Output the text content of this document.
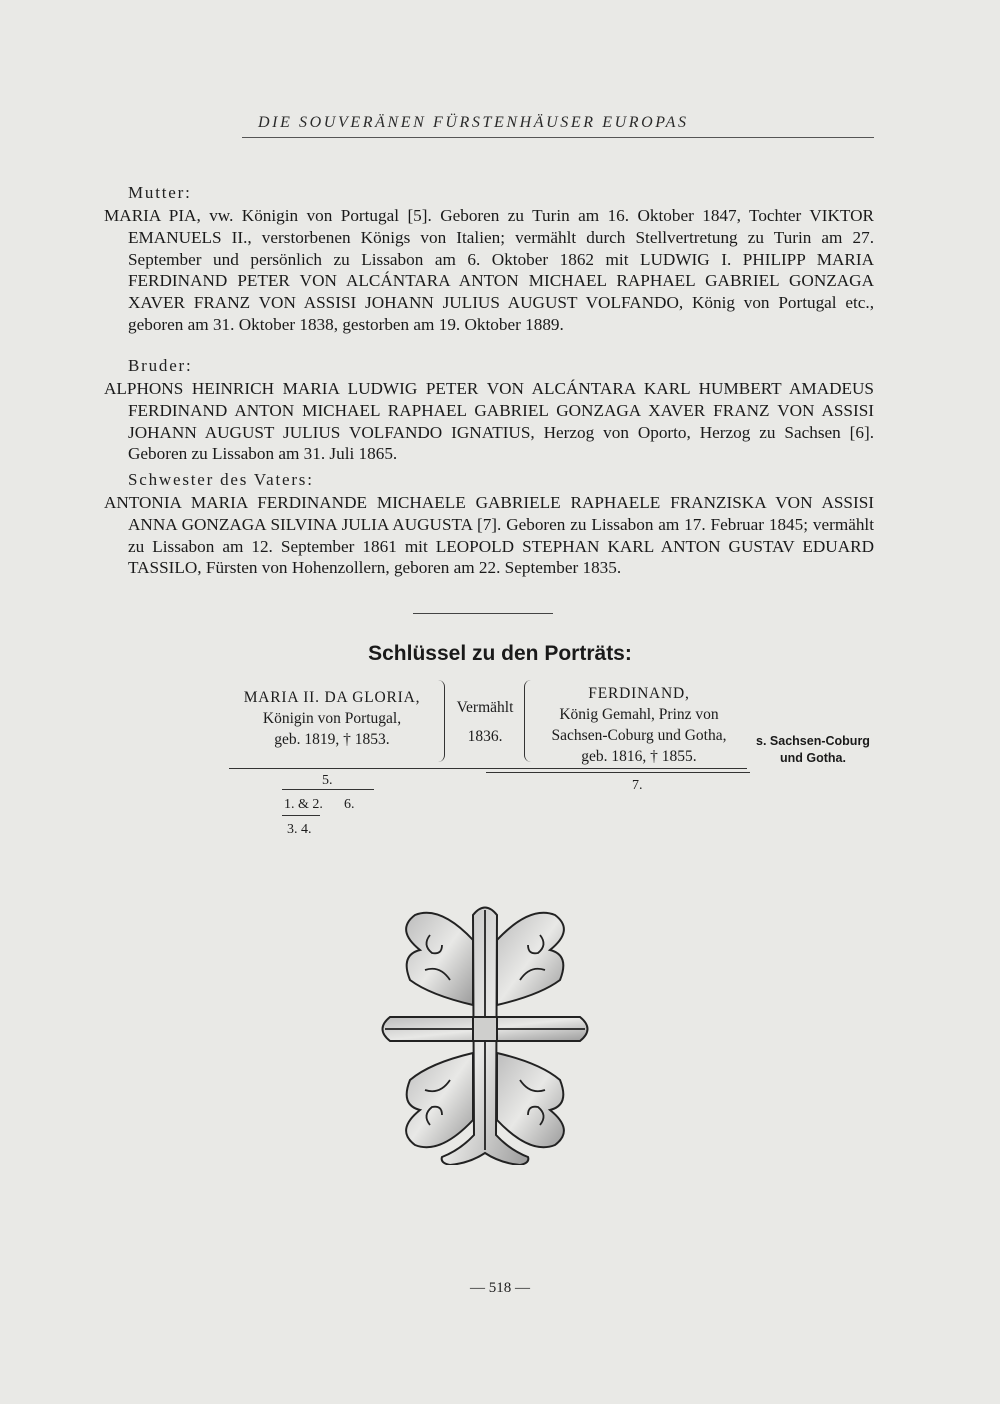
DIE SOUVERÄNEN FÜRSTENHÄUSER EUROPAS
Mutter:

MARIA PIA, vw. Königin von Portugal [5]. Geboren zu Turin am 16. Oktober 1847, Tochter VIKTOR EMANUELS II., verstorbenen Königs von Italien; vermählt durch Stellvertretung zu Turin am 27. September und persönlich zu Lissabon am 6. Oktober 1862 mit LUDWIG I. PHILIPP MARIA FERDINAND PETER VON ALCÁNTARA ANTON MICHAEL RAPHAEL GABRIEL GONZAGA XAVER FRANZ VON ASSISI JOHANN JULIUS AUGUST VOLFANDO, König von Portugal etc., geboren am 31. Oktober 1838, gestorben am 19. Oktober 1889.

Bruder:

ALPHONS HEINRICH MARIA LUDWIG PETER VON ALCÁNTARA KARL HUMBERT AMADEUS FERDINAND ANTON MICHAEL RAPHAEL GABRIEL GONZAGA XAVER FRANZ VON ASSISI JOHANN AUGUST JULIUS VOLFANDO IGNATIUS, Herzog von Oporto, Herzog zu Sachsen [6]. Geboren zu Lissabon am 31. Juli 1865.

Schwester des Vaters:

ANTONIA MARIA FERDINANDE MICHAELE GABRIELE RAPHAELE FRANZISKA VON ASSISI ANNA GONZAGA SILVINA JULIA AUGUSTA [7]. Geboren zu Lissabon am 17. Februar 1845; vermählt zu Lissabon am 12. September 1861 mit LEOPOLD STEPHAN KARL ANTON GUSTAV EDUARD TASSILO, Fürsten von Hohenzollern, geboren am 22. September 1835.

Schlüssel zu den Porträts:
MARIA II. DA GLORIA,
Königin von Portugal,
geb. 1819, † 1853.
Vermählt
1836.
FERDINAND,
König Gemahl, Prinz von
Sachsen-Coburg und Gotha,
geb. 1816, † 1855.
s. Sachsen-Coburg
und Gotha.
5.
1. & 2. 6.
3. 4.
7.
— 518 —
